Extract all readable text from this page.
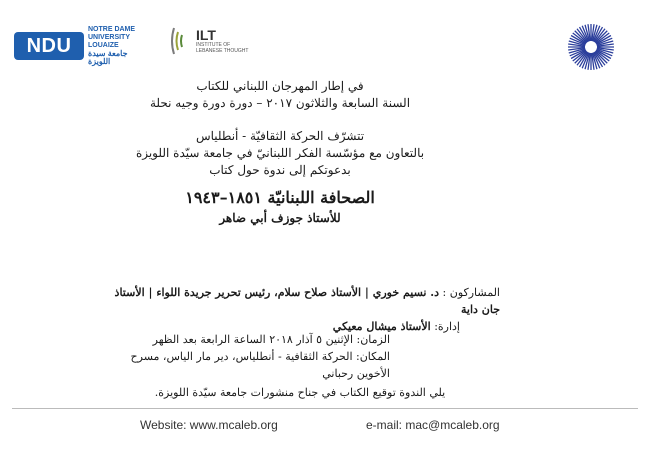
NDU
NOTRE DAME
UNIVERSITY
LOUAIZE
جامعة سيدة
اللويزة
ILT
INSTITUTE OF
LEBANESE THOUGHT
في إطار المهرجان اللبناني للكتاب
السنة السابعة والثلاثون ٢٠١٧ – دورة دورة وجيه نحلة
تتشرّف الحركة الثقافيّة - أنطلياس
بالتعاون مع مؤسّسة الفكر اللبنانيّ في جامعة سيّدة اللويزة
بدعوتكم إلى ندوة حول كتاب
الصحافة اللبنانيّة ١٨٥١–١٩٤٣
للأستاذ جوزف أبي ضاهر
المشاركون : د. نسيم خوري | الأستاذ صلاح سلام، رئيس تحرير جريدة اللواء | الأستاذ جان داية
إدارة: الأستاذ ميشال معيكي
الزمان: الإثنين ٥ آذار ٢٠١٨ الساعة الرابعة بعد الظهر
المكان: الحركة الثقافية - أنطلياس، دير مار الياس، مسرح الأخوين رحباني
يلي الندوة توقيع الكتاب في جناح منشورات جامعة سيّدة اللويزة.
Website: www.mcaleb.org	e-mail: mac@mcaleb.org
